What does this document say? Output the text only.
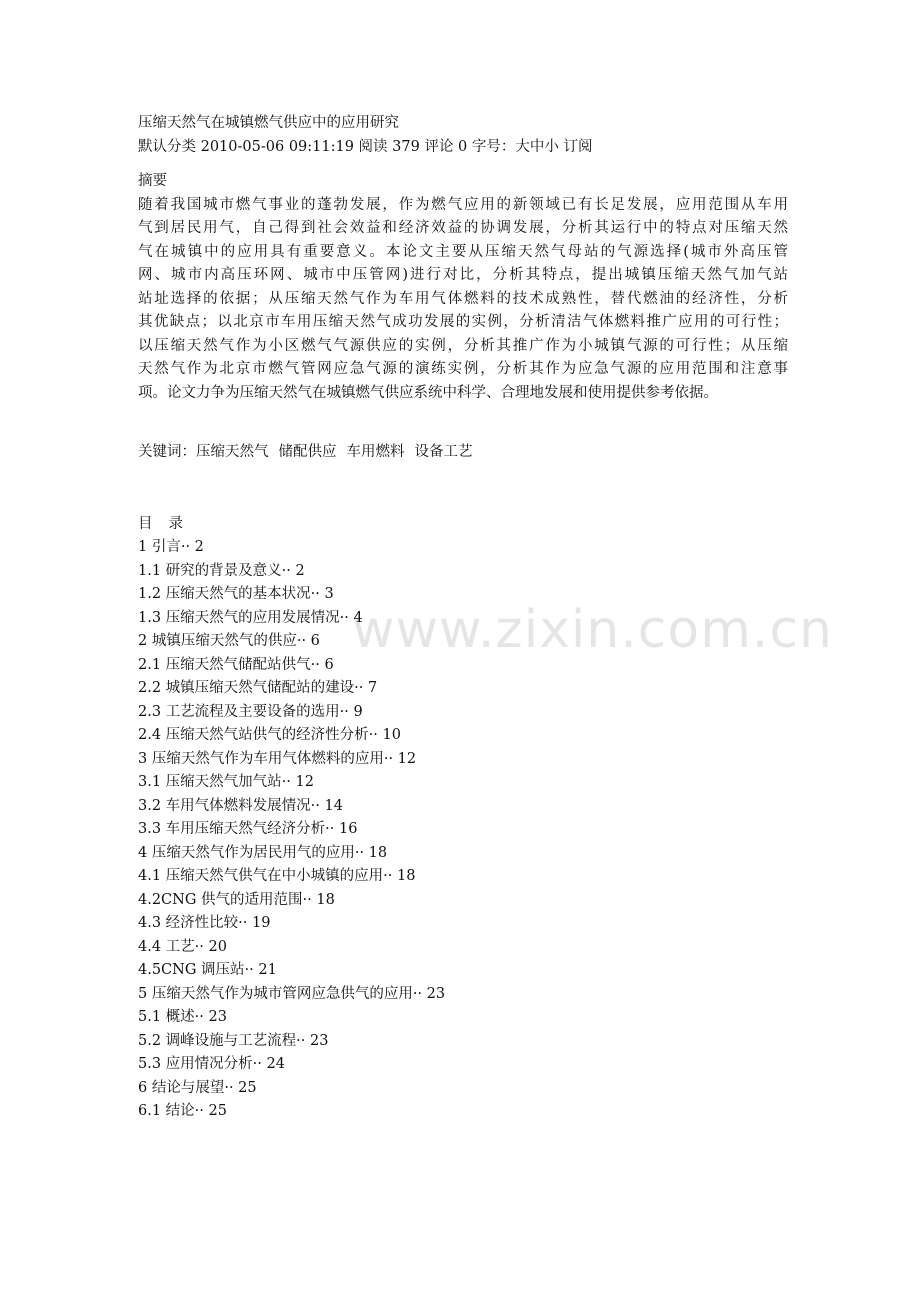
压缩天然气在城镇燃气供应中的应用研究
默认分类 2010-05-06 09:11:19 阅读 379 评论 0 字号：大中小 订阅
摘要
随着我国城市燃气事业的蓬勃发展，作为燃气应用的新领域已有长足发展，应用范围从车用
气到居民用气，自己得到社会效益和经济效益的协调发展，分析其运行中的特点对压缩天然
气在城镇中的应用具有重要意义。本论文主要从压缩天然气母站的气源选择(城市外高压管
网、城市内高压环网、城市中压管网)进行对比，分析其特点，提出城镇压缩天然气加气站
站址选择的依据；从压缩天然气作为车用气体燃料的技术成熟性，替代燃油的经济性，分析
其优缺点；以北京市车用压缩天然气成功发展的实例，分析清洁气体燃料推广应用的可行性；
以压缩天然气作为小区燃气气源供应的实例，分析其推广作为小城镇气源的可行性；从压缩
天然气作为北京市燃气管网应急气源的演练实例，分析其作为应急气源的应用范围和注意事
项。论文力争为压缩天然气在城镇燃气供应系统中科学、合理地发展和使用提供参考依据。
关键词：压缩天然气 储配供应 车用燃料 设备工艺
目 录
1 引言·· 2
1.1 研究的背景及意义·· 2
1.2 压缩天然气的基本状况·· 3
1.3 压缩天然气的应用发展情况·· 4
2 城镇压缩天然气的供应·· 6
2.1 压缩天然气储配站供气·· 6
2.2 城镇压缩天然气储配站的建设·· 7
2.3 工艺流程及主要设备的选用·· 9
2.4 压缩天然气站供气的经济性分析·· 10
3 压缩天然气作为车用气体燃料的应用·· 12
3.1 压缩天然气加气站·· 12
3.2 车用气体燃料发展情况·· 14
3.3 车用压缩天然气经济分析·· 16
4 压缩天然气作为居民用气的应用·· 18
4.1 压缩天然气供气在中小城镇的应用·· 18
4.2CNG 供气的适用范围·· 18
4.3 经济性比较·· 19
4.4 工艺·· 20
4.5CNG 调压站·· 21
5 压缩天然气作为城市管网应急供气的应用·· 23
5.1 概述·· 23
5.2 调峰设施与工艺流程·· 23
5.3 应用情况分析·· 24
6 结论与展望·· 25
6.1 结论·· 25
www.zixin.com.cn
